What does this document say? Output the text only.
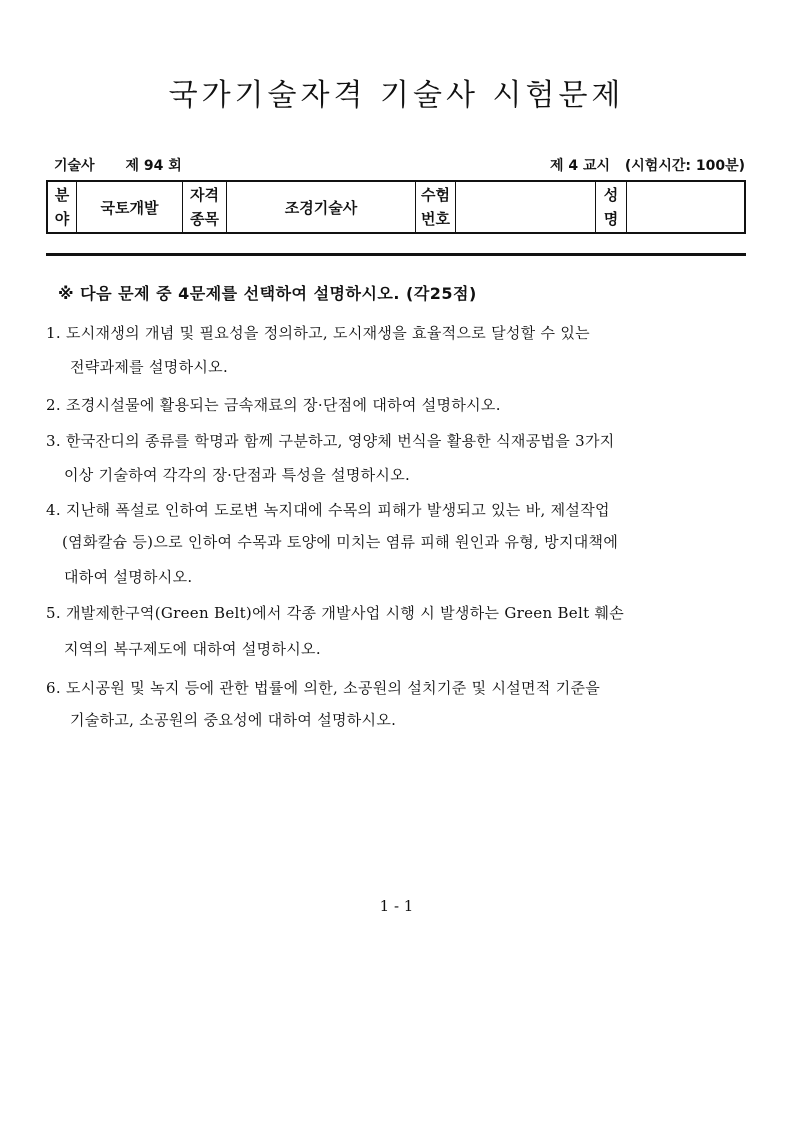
국가기술자격 기술사 시험문제
기술사 제 94 회	제 4 교시 (시험시간: 100분)
분
야
국토개발
자격
종목
조경기술사
수험
번호
성
명
※ 다음 문제 중 4문제를 선택하여 설명하시오. (각25점)
1. 도시재생의 개념 및 필요성을 정의하고, 도시재생을 효율적으로 달성할 수 있는
전략과제를 설명하시오.
2. 조경시설물에 활용되는 금속재료의 장·단점에 대하여 설명하시오.
3. 한국잔디의 종류를 학명과 함께 구분하고, 영양체 번식을 활용한 식재공법을 3가지
이상 기술하여 각각의 장·단점과 특성을 설명하시오.
4. 지난해 폭설로 인하여 도로변 녹지대에 수목의 피해가 발생되고 있는 바, 제설작업
(염화칼슘 등)으로 인하여 수목과 토양에 미치는 염류 피해 원인과 유형, 방지대책에
대하여 설명하시오.
5. 개발제한구역(Green Belt)에서 각종 개발사업 시행 시 발생하는 Green Belt 훼손
지역의 복구제도에 대하여 설명하시오.
6. 도시공원 및 녹지 등에 관한 법률에 의한, 소공원의 설치기준 및 시설면적 기준을
기술하고, 소공원의 중요성에 대하여 설명하시오.
1 - 1
